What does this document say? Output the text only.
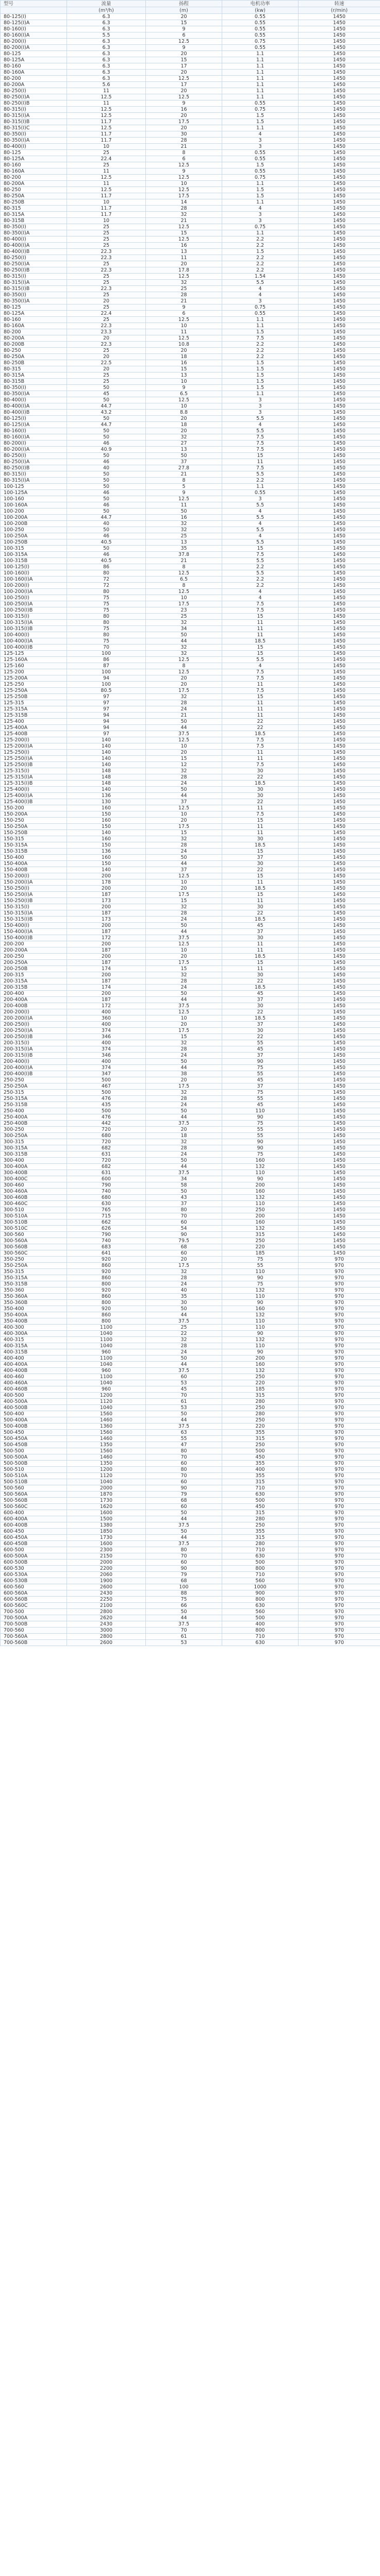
型号	流量	扬程	电机功率	转速
	(m³/h)	(m)	(kw)	(r/min)
80-125(I)	6.3	20	0.55	1450
80-125(I)A	6.3	15	0.55	1450
80-160(I)	6.3	9	0.55	1450
80-160(I)A	5.5	6	0.55	1450
80-200(I)	6.3	12.5	0.75	1450
80-200(I)A	6.3	9	0.55	1450
80-125	6.3	20	1.1	1450
80-125A	6.3	15	1.1	1450
80-160	6.3	17	1.1	1450
80-160A	6.3	20	1.1	1450
80-200	6.3	12.5	1.1	1450
80-200A	5.6	17	1.1	1450
80-250(I)	11	20	1.1	1450
80-250(I)A	12.5	12.5	1.1	1450
80-250(I)B	11	9	0.55	1450
80-315(I)	12.5	16	0.75	1450
80-315(I)A	12.5	20	1.5	1450
80-315(I)B	11.7	17.5	1.5	1450
80-315(I)C	12.5	20	1.1	1450
80-350(I)	11.7	30	4	1450
80-350(I)A	11.7	28	3	1450
80-400(I)	10	21	3	1450
80-125	25	8	0.55	1450
80-125A	22.4	6	0.55	1450
80-160	25	12.5	1.5	1450
80-160A	11	9	0.55	1450
80-200	12.5	12.5	0.75	1450
80-200A	11	10	1.1	1450
80-250	12.5	12.5	1.5	1450
80-250A	11.7	17.5	1.5	1450
80-250B	10	14	1.1	1450
80-315	11.7	28	4	1450
80-315A	11.7	32	3	1450
80-315B	10	21	3	1450
80-350(I)	25	12.5	0.75	1450
80-350(I)A	25	15	1.1	1450
80-400(I)	25	12.5	2.2	1450
80-400(I)A	25	16	2.2	1450
80-400(I)B	22.3	13	1.5	1450
80-250(I)	22.3	11	2.2	1450
80-250(I)A	25	20	2.2	1450
80-250(I)B	22.3	17.8	2.2	1450
80-315(I)	25	12.5	1.54	1450
80-315(I)A	25	32	5.5	1450
80-315(I)B	22.3	25	4	1450
80-350(I)	25	28	4	1450
80-350(I)A	20	21	3	1450
80-125	25	9	0.75	1450
80-125A	22.4	6	0.55	1450
80-160	25	12.5	1.1	1450
80-160A	22.3	10	1.1	1450
80-200	23.3	11	1.5	1450
80-200A	20	12.5	7.5	1450
80-200B	22.3	10.8	2.2	1450
80-250	25	20	2.2	1450
80-250A	20	18	2.2	1450
80-250B	22.5	16	1.5	1450
80-315	20	15	1.5	1450
80-315A	25	13	1.5	1450
80-315B	25	10	1.5	1450
80-350(I)	50	9	1.5	1450
80-350(I)A	45	6.5	1.1	1450
80-400(I)	50	12.5	3	1450
80-400(I)A	44.7	10	3	1450
80-400(I)B	43.2	8.8	3	1450
80-125(I)	50	20	5.5	1450
80-125(I)A	44.7	18	4	1450
80-160(I)	50	20	5.5	1450
80-160(I)A	50	32	7.5	1450
80-200(I)	46	27	7.5	1450
80-200(I)A	40.9	13	7.5	1450
80-250(I)	50	50	15	1450
80-250(I)A	46	37	11	1450
80-250(I)B	40	27.8	7.5	1450
80-315(I)	50	21	5.5	1450
80-315(I)A	50	8	2.2	1450
100-125	50	5	1.1	1450
100-125A	46	9	0.55	1450
100-160	50	12.5	3	1450
100-160A	46	11	5.5	1450
100-200	50	50	4	1450
100-200A	44.7	16	5.5	1450
100-200B	40	32	4	1450
100-250	50	32	5.5	1450
100-250A	46	25	4	1450
100-250B	40.5	13	5.5	1450
100-315	50	35	15	1450
100-315A	46	37.8	7.5	1450
100-315B	40.5	21	5.5	1450
100-125(I)	86	8	2.2	1450
100-160(I)	80	12.5	5.5	1450
100-160(I)A	72	6.5	2.2	1450
100-200(I)	72	8	2.2	1450
100-200(I)A	80	12.5	4	1450
100-250(I)	75	10	4	1450
100-250(I)A	75	17.5	7.5	1450
100-250(I)B	75	23	7.5	1450
100-315(I)	80	25	15	1450
100-315(I)A	80	32	11	1450
100-315(I)B	75	34	11	1450
100-400(I)	80	50	11	1450
100-400(I)A	75	44	18.5	1450
100-400(I)B	70	32	15	1450
125-125	100	32	15	1450
125-160A	86	12.5	5.5	1450
125-160	87	8	4	1450
125-200	100	12.5	7.5	1450
125-200A	94	20	7.5	1450
125-250	100	20	11	1450
125-250A	80.5	17.5	7.5	1450
125-250B	97	32	15	1450
125-315	97	28	11	1450
125-315A	97	24	11	1450
125-315B	94	21	11	1450
125-400	94	50	22	1450
125-400A	94	44	22	1450
125-400B	97	37.5	18.5	1450
125-200(I)	140	12.5	7.5	1450
125-200(I)A	140	10	7.5	1450
125-250(I)	140	20	11	1450
125-250(I)A	140	15	11	1450
125-250(I)B	140	12	7.5	1450
125-315(I)	148	32	30	1450
125-315(I)A	148	28	22	1450
125-315(I)B	148	24	18.5	1450
125-400(I)	140	50	30	1450
125-400(I)A	136	44	30	1450
125-400(I)B	130	37	22	1450
150-200	160	12.5	11	1450
150-200A	150	10	7.5	1450
150-250	160	20	15	1450
150-250A	150	17.5	11	1450
150-250B	140	15	11	1450
150-315	160	32	30	1450
150-315A	150	28	18.5	1450
150-315B	136	24	15	1450
150-400	160	50	37	1450
150-400A	150	44	30	1450
150-400B	140	37	22	1450
150-200(I)	200	12.5	15	1450
150-200(I)A	178	10	11	1450
150-250(I)	200	20	18.5	1450
150-250(I)A	187	17.5	15	1450
150-250(I)B	173	15	11	1450
150-315(I)	200	32	30	1450
150-315(I)A	187	28	22	1450
150-315(I)B	173	24	18.5	1450
150-400(I)	200	50	45	1450
150-400(I)A	187	44	37	1450
150-400(I)B	172	37.5	30	1450
200-200	200	12.5	11	1450
200-200A	187	10	11	1450
200-250	200	20	18.5	1450
200-250A	187	17.5	15	1450
200-250B	174	15	11	1450
200-315	200	32	30	1450
200-315A	187	28	22	1450
200-315B	174	24	18.5	1450
200-400	200	50	45	1450
200-400A	187	44	37	1450
200-400B	172	37.5	30	1450
200-200(I)	400	12.5	22	1450
200-200(I)A	360	10	18.5	1450
200-250(I)	400	20	37	1450
200-250(I)A	374	17.5	30	1450
200-250(I)B	346	15	22	1450
200-315(I)	400	32	55	1450
200-315(I)A	374	28	45	1450
200-315(I)B	346	24	37	1450
200-400(I)	400	50	90	1450
200-400(I)A	374	44	75	1450
200-400(I)B	347	38	55	1450
250-250	500	20	45	1450
250-250A	467	17.5	37	1450
250-315	500	32	75	1450
250-315A	476	28	55	1450
250-315B	435	24	45	1450
250-400	500	50	110	1450
250-400A	476	44	90	1450
250-400B	442	37.5	75	1450
300-250	720	20	55	1450
300-250A	680	18	55	1450
300-315	720	32	90	1450
300-315A	682	28	90	1450
300-315B	631	24	75	1450
300-400	720	50	160	1450
300-400A	682	44	132	1450
300-400B	631	37.5	110	1450
300-400C	600	34	90	1450
300-460	790	58	200	1450
300-460A	740	50	160	1450
300-460B	680	43	132	1450
300-460C	630	37	110	1450
300-510	765	80	250	1450
300-510A	715	70	200	1450
300-510B	662	60	160	1450
300-510C	626	54	132	1450
300-560	790	90	315	1450
300-560A	740	79.5	250	1450
300-560B	683	68	220	1450
300-560C	641	60	185	1450
350-250	920	20	75	970
350-250A	860	17.5	55	970
350-315	920	32	110	970
350-315A	860	28	90	970
350-315B	800	24	75	970
350-360	920	40	132	970
350-360A	860	35	110	970
350-360B	800	30	90	970
350-400	920	50	160	970
350-400A	860	44	132	970
350-400B	800	37.5	110	970
400-300	1100	25	110	970
400-300A	1040	22	90	970
400-315	1100	32	132	970
400-315A	1040	28	110	970
400-315B	960	24	90	970
400-400	1100	50	200	970
400-400A	1040	44	160	970
400-400B	960	37.5	132	970
400-460	1100	60	250	970
400-460A	1040	53	220	970
400-460B	960	45	185	970
400-500	1200	70	315	970
400-500A	1120	61	280	970
400-500B	1040	53	250	970
500-400	1560	50	280	970
500-400A	1460	44	250	970
500-400B	1360	37.5	220	970
500-450	1560	63	355	970
500-450A	1460	55	315	970
500-450B	1350	47	250	970
500-500	1560	80	500	970
500-500A	1460	70	450	970
500-500B	1350	60	355	970
500-510	1200	80	400	970
500-510A	1120	70	355	970
500-510B	1040	60	315	970
500-560	2000	90	710	970
500-560A	1870	79	630	970
500-560B	1730	68	500	970
500-560C	1620	60	450	970
600-400	1600	50	315	970
600-400A	1500	44	280	970
600-400B	1380	37.5	250	970
600-450	1850	50	355	970
600-450A	1730	44	315	970
600-450B	1600	37.5	280	970
600-500	2300	80	710	970
600-500A	2150	70	630	970
600-500B	2000	60	500	970
600-530	2200	90	800	970
600-530A	2060	79	710	970
600-530B	1900	68	560	970
600-560	2600	100	1000	970
600-560A	2430	88	900	970
600-560B	2250	75	800	970
600-560C	2100	66	630	970
700-500	2800	50	560	970
700-500A	2620	44	500	970
700-500B	2430	37.5	400	970
700-560	3000	70	800	970
700-560A	2800	61	710	970
700-560B	2600	53	630	970
